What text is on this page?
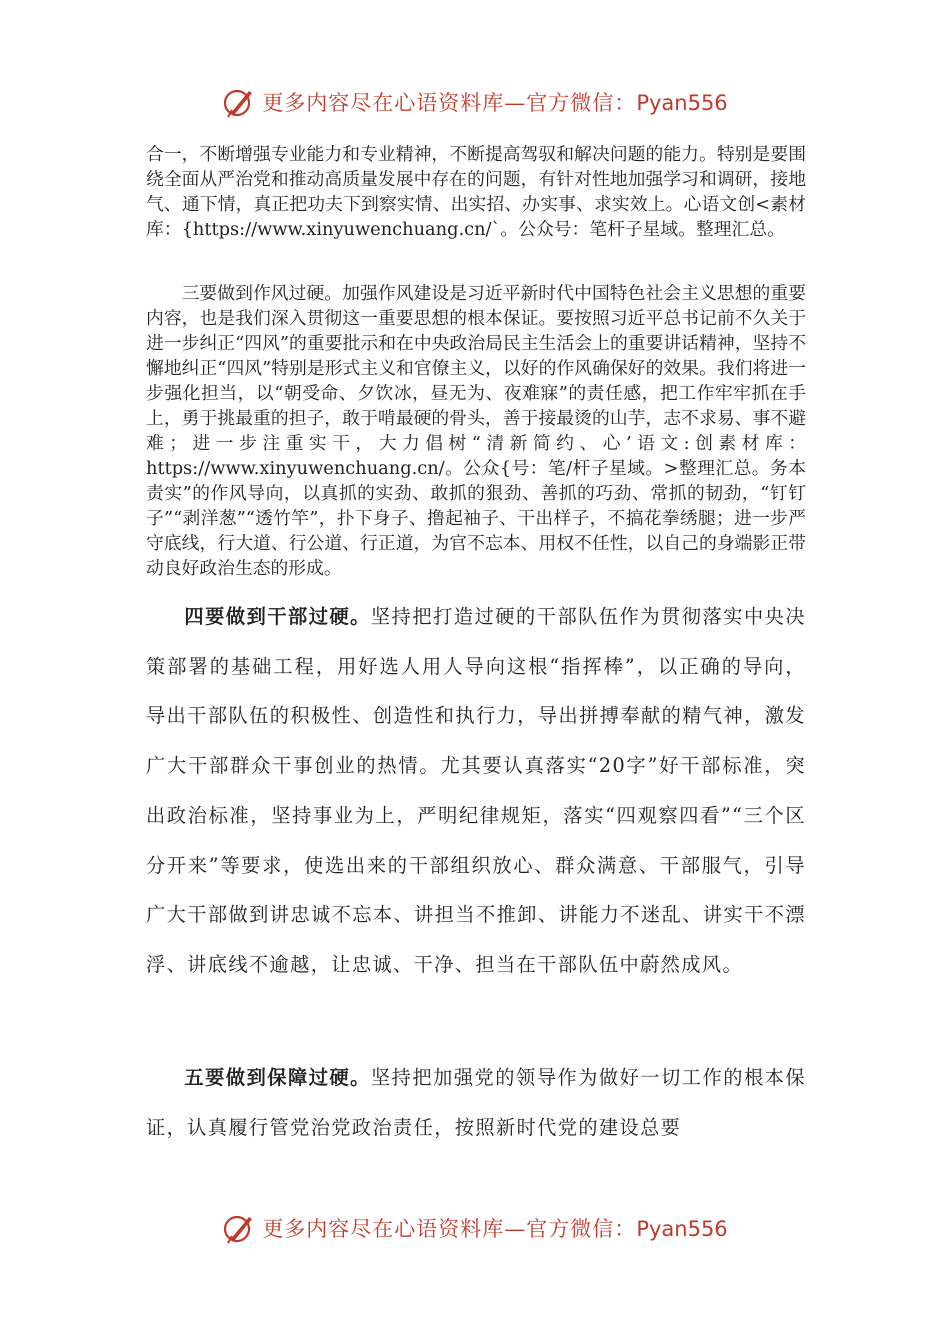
更多内容尽在心语资料库—官方微信：Pyan556

合一，不断增强专业能力和专业精神，不断提高驾驭和解决问题的能力。特别是要围绕全面从严治党和推动高质量发展中存在的问题，有针对性地加强学习和调研，接地气、通下情，真正把功夫下到察实情、出实招、办实事、求实效上。心语文创<素材库：{https://www.xinyuwenchuang.cn/`。公众号：笔杆子星域。整理汇总。

三要做到作风过硬。加强作风建设是习近平新时代中国特色社会主义思想的重要内容，也是我们深入贯彻这一重要思想的根本保证。要按照习近平总书记前不久关于进一步纠正“四风”的重要批示和在中央政治局民主生活会上的重要讲话精神，坚持不懈地纠正“四风”特别是形式主义和官僚主义，以好的作风确保好的效果。我们将进一步强化担当，以“朝受命、夕饮冰，昼无为、夜难寐”的责任感，把工作牢牢抓在手上，勇于挑最重的担子，敢于啃最硬的骨头，善于接最烫的山芋，志不求易、事不避难；进一步注重实干，大力倡树“清新简约、心’语文:创素材库：https://www.xinyuwenchuang.cn/。公众{号：笔/杆子星域。>整理汇总。务本责实”的作风导向，以真抓的实劲、敢抓的狠劲、善抓的巧劲、常抓的韧劲，“钉钉子”“剥洋葱”“透竹竿”，扑下身子、撸起袖子、干出样子，不搞花拳绣腿；进一步严守底线，行大道、行公道、行正道，为官不忘本、用权不任性，以自己的身端影正带动良好政治生态的形成。

四要做到干部过硬。坚持把打造过硬的干部队伍作为贯彻落实中央决策部署的基础工程，用好选人用人导向这根“指挥棒”，以正确的导向，导出干部队伍的积极性、创造性和执行力，导出拼搏奉献的精气神，激发广大干部群众干事创业的热情。尤其要认真落实“20字”好干部标准，突出政治标准，坚持事业为上，严明纪律规矩，落实“四观察四看”“三个区分开来”等要求，使选出来的干部组织放心、群众满意、干部服气，引导广大干部做到讲忠诚不忘本、讲担当不推卸、讲能力不迷乱、讲实干不漂浮、讲底线不逾越，让忠诚、干净、担当在干部队伍中蔚然成风。

五要做到保障过硬。坚持把加强党的领导作为做好一切工作的根本保证，认真履行管党治党政治责任，按照新时代党的建设总要

更多内容尽在心语资料库—官方微信：Pyan556
